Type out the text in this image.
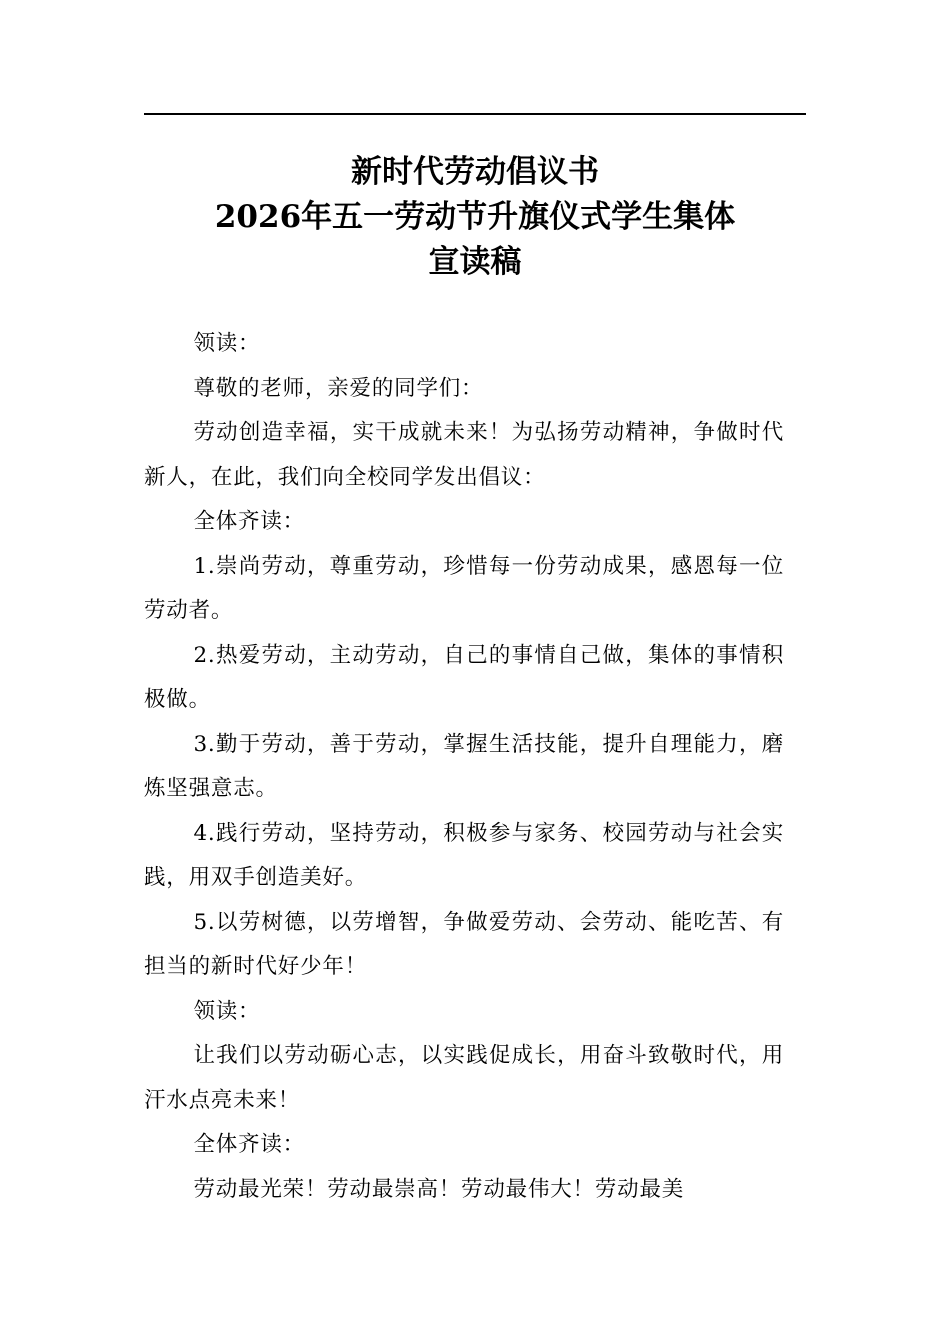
新时代劳动倡议书
2026年五一劳动节升旗仪式学生集体
宣读稿

领读：

尊敬的老师，亲爱的同学们：

劳动创造幸福，实干成就未来！为弘扬劳动精神，争做时代新人，在此，我们向全校同学发出倡议：

全体齐读：

1.崇尚劳动，尊重劳动，珍惜每一份劳动成果，感恩每一位劳动者。

2.热爱劳动，主动劳动，自己的事情自己做，集体的事情积极做。

3.勤于劳动，善于劳动，掌握生活技能，提升自理能力，磨炼坚强意志。

4.践行劳动，坚持劳动，积极参与家务、校园劳动与社会实践，用双手创造美好。

5.以劳树德，以劳增智，争做爱劳动、会劳动、能吃苦、有担当的新时代好少年！

领读：

让我们以劳动砺心志，以实践促成长，用奋斗致敬时代，用汗水点亮未来！

全体齐读：

劳动最光荣！劳动最崇高！劳动最伟大！劳动最美
